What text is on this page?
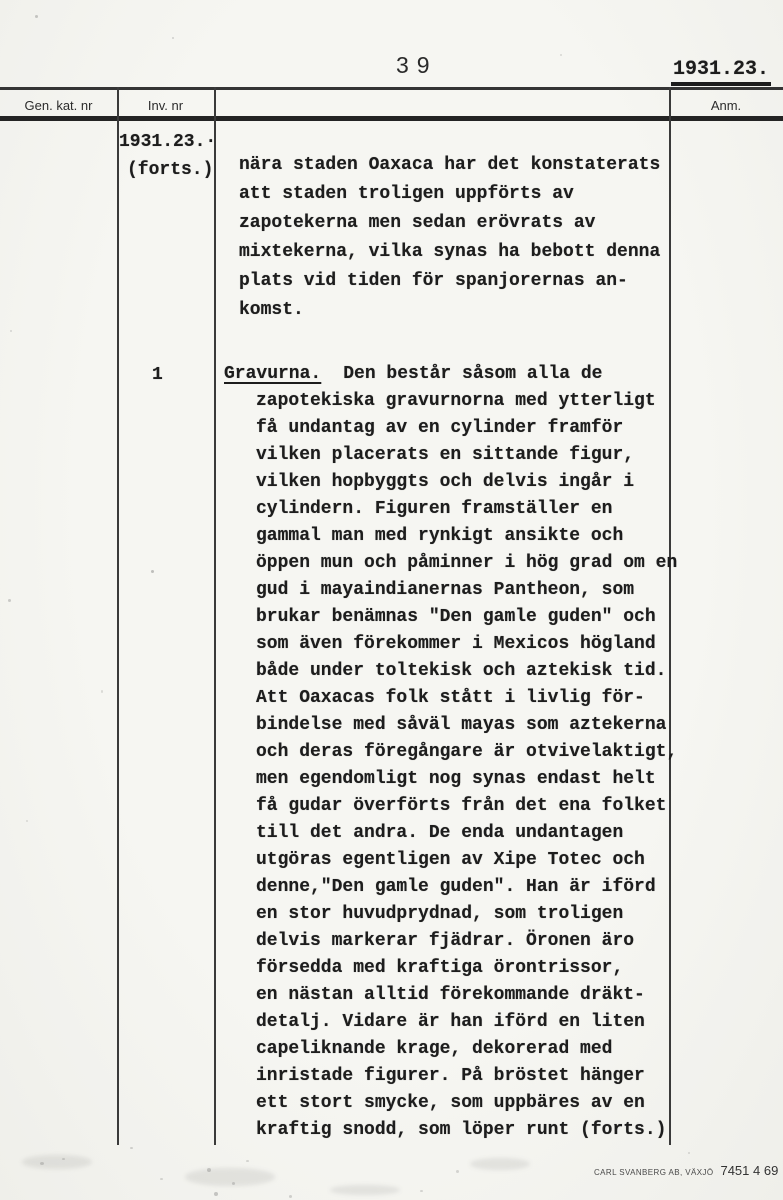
39	1931.23.
Gen. kat. nr	Inv. nr	Anm.
1931.23.·
(forts.) nära staden Oaxaca har det konstaterats
att staden troligen uppförts av
zapotekerna men sedan erövrats av
mixtekerna, vilka synas ha bebott denna
plats vid tiden för spanjorernas an-
komst.
1	Gravurna. Den består såsom alla de
zapotekiska gravurnorna med ytterligt
få undantag av en cylinder framför
vilken placerats en sittande figur,
vilken hopbyggts och delvis ingår i
cylindern. Figuren framställer en
gammal man med rynkigt ansikte och
öppen mun och påminner i hög grad om en
gud i mayaindianernas Pantheon, som
brukar benämnas "Den gamle guden" och
som även förekommer i Mexicos högland
både under toltekisk och aztekisk tid.
Att Oaxacas folk stått i livlig för-
bindelse med såväl mayas som aztekerna
och deras föregångare är otvivelaktigt,
men egendomligt nog synas endast helt
få gudar överförts från det ena folket
till det andra. De enda undantagen
utgöras egentligen av Xipe Totec och
denne,"Den gamle guden". Han är iförd
en stor huvudprydnad, som troligen
delvis markerar fjädrar. Öronen äro
försedda med kraftiga örontrissor,
en nästan alltid förekommande dräkt-
detalj. Vidare är han iförd en liten
capeliknande krage, dekorerad med
inristade figurer. På bröstet hänger
ett stort smycke, som uppbäres av en
kraftig snodd, som löper runt (forts.)
CARL SVANBERG AB, VÄXJÖ 7451 4 69
